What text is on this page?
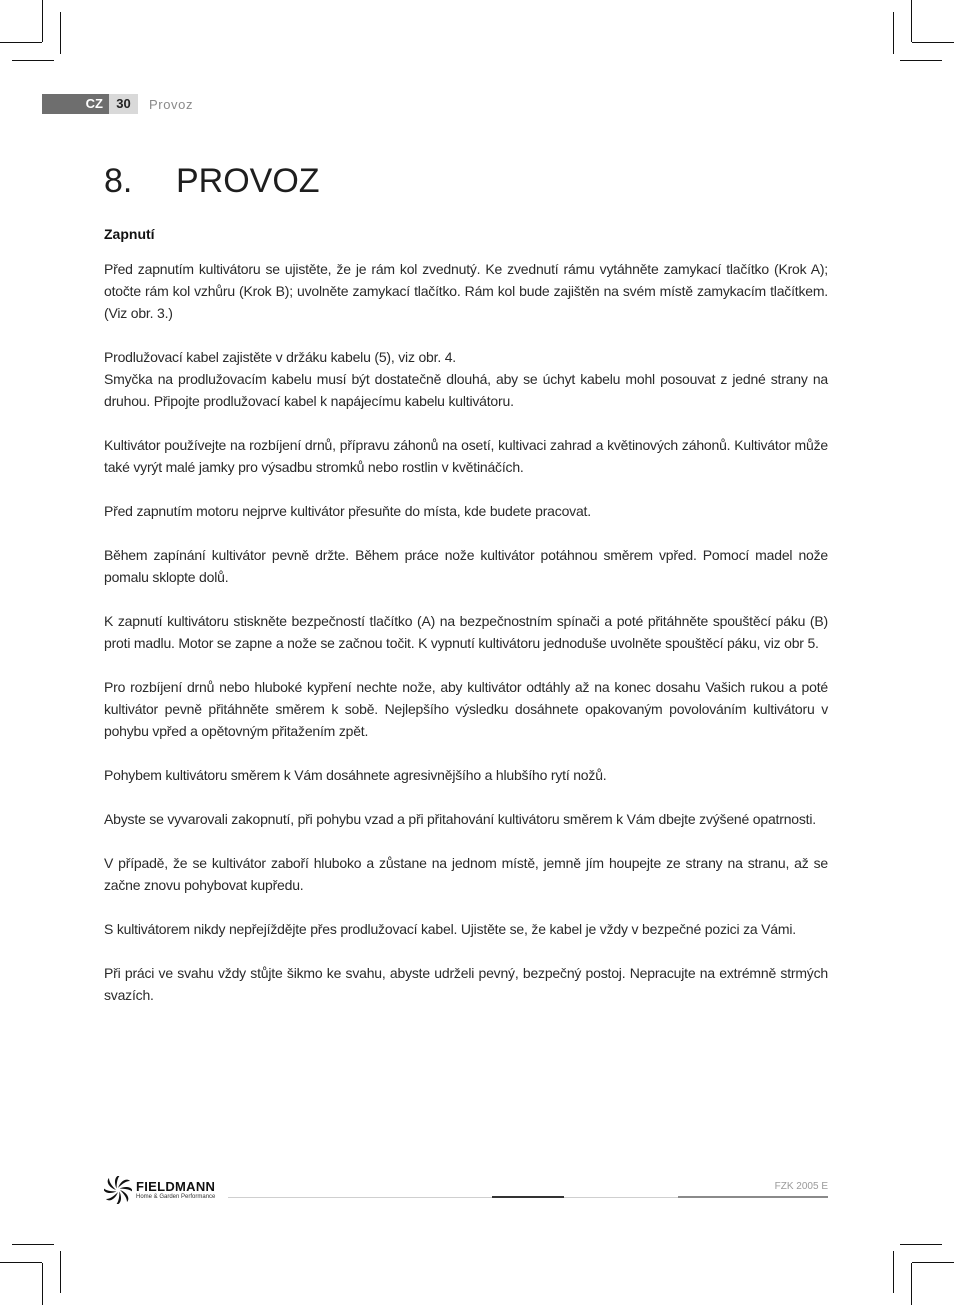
CZ	30	Provoz
8.	PROVOZ
Zapnutí
Před zapnutím kultivátoru se ujistěte, že je rám kol zvednutý. Ke zvednutí rámu vytáhněte zamykací tlačítko (Krok A); otočte rám kol vzhůru (Krok B); uvolněte zamykací tlačítko. Rám kol bude zajištěn na svém místě zamykacím tlačítkem. (Viz obr. 3.)
Prodlužovací kabel zajistěte v držáku kabelu (5), viz obr. 4.
Smyčka na prodlužovacím kabelu musí být dostatečně dlouhá, aby se úchyt kabelu mohl posouvat z jedné strany na druhou. Připojte prodlužovací kabel k napájecímu kabelu kultivátoru.
Kultivátor používejte na rozbíjení drnů, přípravu záhonů na osetí, kultivaci zahrad a květinových záhonů. Kultivátor může také vyrýt malé jamky pro výsadbu stromků nebo rostlin v květináčích.
Před zapnutím motoru nejprve kultivátor přesuňte do místa, kde budete pracovat.
Během zapínání kultivátor pevně držte. Během práce nože kultivátor potáhnou směrem vpřed. Pomocí madel nože pomalu sklopte dolů.
K zapnutí kultivátoru stiskněte bezpečností tlačítko (A) na bezpečnostním spínači a poté přitáhněte spouštěcí páku (B) proti madlu. Motor se zapne a nože se začnou točit. K vypnutí kultivátoru jednoduše uvolněte spouštěcí páku, viz obr 5.
Pro rozbíjení drnů nebo hluboké kypření nechte nože, aby kultivátor odtáhly až na konec dosahu Vašich rukou a poté kultivátor pevně přitáhněte směrem k sobě. Nejlepšího výsledku dosáhnete opakovaným povolováním kultivátoru v pohybu vpřed a opětovným přitažením zpět.
Pohybem kultivátoru směrem k Vám dosáhnete agresivnějšího a hlubšího rytí nožů.
Abyste se vyvarovali zakopnutí, při pohybu vzad a při přitahování kultivátoru směrem k Vám dbejte zvýšené opatrnosti.
V případě, že se kultivátor zaboří hluboko a zůstane na jednom místě, jemně jím houpejte ze strany na stranu, až se začne znovu pohybovat kupředu.
S kultivátorem nikdy nepřejíždějte přes prodlužovací kabel. Ujistěte se, že kabel je vždy v bezpečné pozici za Vámi.
Při práci ve svahu vždy stůjte šikmo ke svahu, abyste udrželi pevný, bezpečný postoj. Nepracujte na extrémně strmých svazích.
FIELDMANN
Home & Garden Performance
FZK 2005 E
